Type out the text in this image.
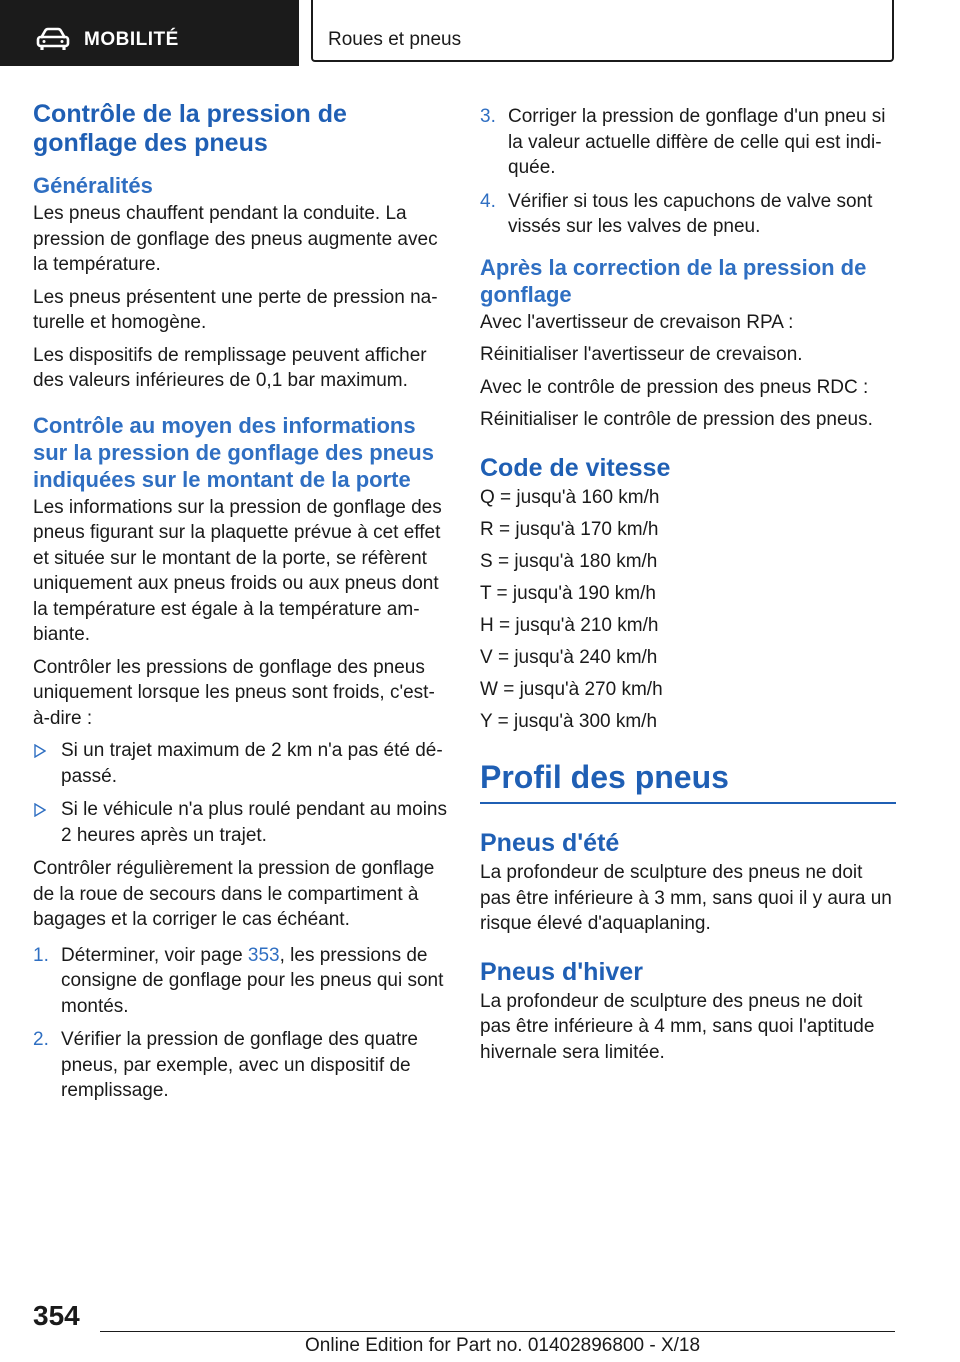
MOBILITÉ	Roues et pneus
Contrôle de la pression de gonflage des pneus
Généralités

Les pneus chauffent pendant la conduite. La pression de gonflage des pneus augmente avec la température.

Les pneus présentent une perte de pression naturelle et homogène.

Les dispositifs de remplissage peuvent afficher des valeurs inférieures de 0,1 bar maximum.

Contrôle au moyen des informations sur la pression de gonflage des pneus indiquées sur le montant de la porte

Les informations sur la pression de gonflage des pneus figurant sur la plaquette prévue à cet effet et située sur le montant de la porte, se réfèrent uniquement aux pneus froids ou aux pneus dont la température est égale à la température ambiante.

Contrôler les pressions de gonflage des pneus uniquement lorsque les pneus sont froids, c'est-à-dire :

Si un trajet maximum de 2 km n'a pas été dépassé.
Si le véhicule n'a plus roulé pendant au moins 2 heures après un trajet.

Contrôler régulièrement la pression de gonflage de la roue de secours dans le compartiment à bagages et la corriger le cas échéant.

1. Déterminer, voir page 353, les pressions de consigne de gonflage pour les pneus qui sont montés.
2. Vérifier la pression de gonflage des quatre pneus, par exemple, avec un dispositif de remplissage.
3. Corriger la pression de gonflage d'un pneu si la valeur actuelle diffère de celle qui est indiquée.
4. Vérifier si tous les capuchons de valve sont vissés sur les valves de pneu.
Après la correction de la pression de gonflage

Avec l'avertisseur de crevaison RPA :

Réinitialiser l'avertisseur de crevaison.

Avec le contrôle de pression des pneus RDC :

Réinitialiser le contrôle de pression des pneus.

Code de vitesse

Q = jusqu'à 160 km/h

R = jusqu'à 170 km/h

S = jusqu'à 180 km/h

T = jusqu'à 190 km/h

H = jusqu'à 210 km/h

V = jusqu'à 240 km/h

W = jusqu'à 270 km/h

Y = jusqu'à 300 km/h

Profil des pneus
Pneus d'été

La profondeur de sculpture des pneus ne doit pas être inférieure à 3 mm, sans quoi il y aura un risque élevé d'aquaplaning.

Pneus d'hiver

La profondeur de sculpture des pneus ne doit pas être inférieure à 4 mm, sans quoi l'aptitude hivernale sera limitée.

354
Online Edition for Part no. 01402896800 - X/18
